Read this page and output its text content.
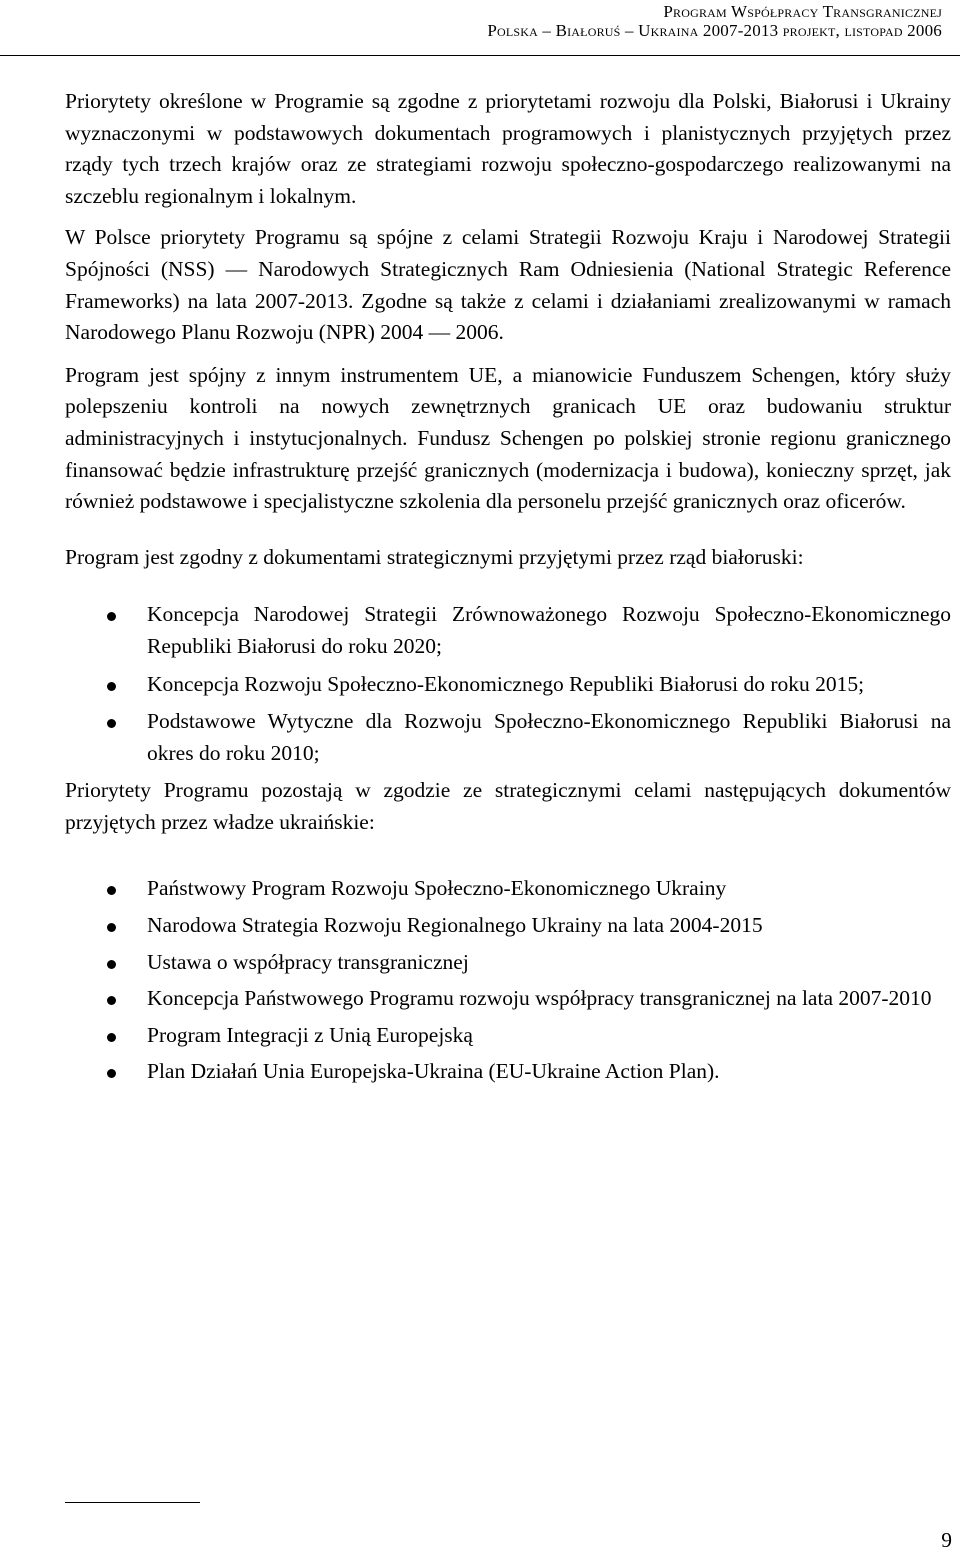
Program Współpracy Transgranicznej
Polska – Białoruś – Ukraina 2007-2013 projekt, listopad 2006

Priorytety określone w Programie są zgodne z priorytetami rozwoju dla Polski, Białorusi i Ukrainy wyznaczonymi w podstawowych dokumentach programowych i planistycznych przyjętych przez rządy tych trzech krajów oraz ze strategiami rozwoju społeczno-gospodarczego realizowanymi na szczeblu regionalnym i lokalnym.

W Polsce priorytety Programu są spójne z celami Strategii Rozwoju Kraju i Narodowej Strategii Spójności (NSS) — Narodowych Strategicznych Ram Odniesienia (National Strategic Reference Frameworks) na lata 2007-2013. Zgodne są także z celami i działaniami zrealizowanymi w ramach Narodowego Planu Rozwoju (NPR) 2004 — 2006.

Program jest spójny z innym instrumentem UE, a mianowicie Funduszem Schengen, który służy polepszeniu kontroli na nowych zewnętrznych granicach UE oraz budowaniu struktur administracyjnych i instytucjonalnych. Fundusz Schengen po polskiej stronie regionu granicznego finansować będzie infrastrukturę przejść granicznych (modernizacja i budowa), konieczny sprzęt, jak również podstawowe i specjalistyczne szkolenia dla personelu przejść granicznych oraz oficerów.

Program jest zgodny z dokumentami strategicznymi przyjętymi przez rząd białoruski:

Koncepcja Narodowej Strategii Zrównoważonego Rozwoju Społeczno-Ekonomicznego Republiki Białorusi do roku 2020;
Koncepcja Rozwoju Społeczno-Ekonomicznego Republiki Białorusi do roku 2015;
Podstawowe Wytyczne dla Rozwoju Społeczno-Ekonomicznego Republiki Białorusi na okres do roku 2010;

Priorytety Programu pozostają w zgodzie ze strategicznymi celami następujących dokumentów przyjętych przez władze ukraińskie:

Państwowy Program Rozwoju Społeczno-Ekonomicznego Ukrainy
Narodowa Strategia Rozwoju Regionalnego Ukrainy na lata 2004-2015
Ustawa o współpracy transgranicznej
Koncepcja Państwowego Programu rozwoju współpracy transgranicznej na lata 2007-2010
Program Integracji z Unią Europejską
Plan Działań Unia Europejska-Ukraina (EU-Ukraine Action Plan).
9
